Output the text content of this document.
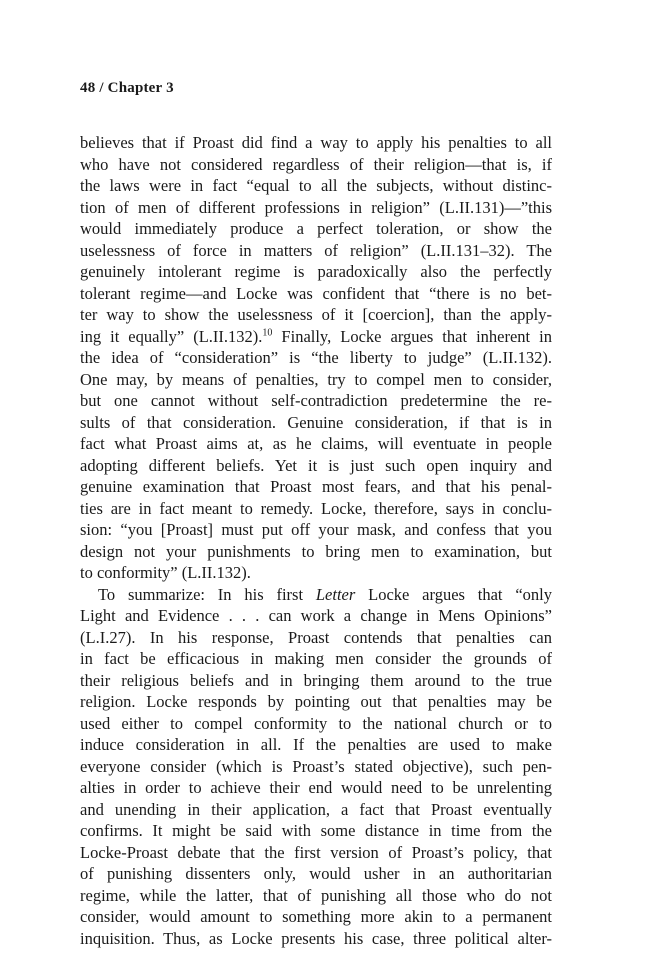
48 / Chapter 3
believes that if Proast did find a way to apply his penalties to all
who have not considered regardless of their religion—that is, if
the laws were in fact “equal to all the subjects, without distinc-
tion of men of different professions in religion” (L.II.131)—”this
would immediately produce a perfect toleration, or show the
uselessness of force in matters of religion” (L.II.131–32). The
genuinely intolerant regime is paradoxically also the perfectly
tolerant regime—and Locke was confident that “there is no bet-
ter way to show the uselessness of it [coercion], than the apply-
ing it equally” (L.II.132).$^{10}$ Finally, Locke argues that inherent in
the idea of “consideration” is “the liberty to judge” (L.II.132).
One may, by means of penalties, try to compel men to consider,
but one cannot without self-contradiction predetermine the re-
sults of that consideration. Genuine consideration, if that is in
fact what Proast aims at, as he claims, will eventuate in people
adopting different beliefs. Yet it is just such open inquiry and
genuine examination that Proast most fears, and that his penal-
ties are in fact meant to remedy. Locke, therefore, says in conclu-
sion: “you [Proast] must put off your mask, and confess that you
design not your punishments to bring men to examination, but
to conformity” (L.II.132).
To summarize: In his first Letter Locke argues that “only
Light and Evidence . . . can work a change in Mens Opinions”
(L.I.27). In his response, Proast contends that penalties can
in fact be efficacious in making men consider the grounds of
their religious beliefs and in bringing them around to the true
religion. Locke responds by pointing out that penalties may be
used either to compel conformity to the national church or to
induce consideration in all. If the penalties are used to make
everyone consider (which is Proast’s stated objective), such pen-
alties in order to achieve their end would need to be unrelenting
and unending in their application, a fact that Proast eventually
confirms. It might be said with some distance in time from the
Locke-Proast debate that the first version of Proast’s policy, that
of punishing dissenters only, would usher in an authoritarian
regime, while the latter, that of punishing all those who do not
consider, would amount to something more akin to a permanent
inquisition. Thus, as Locke presents his case, three political alter-
